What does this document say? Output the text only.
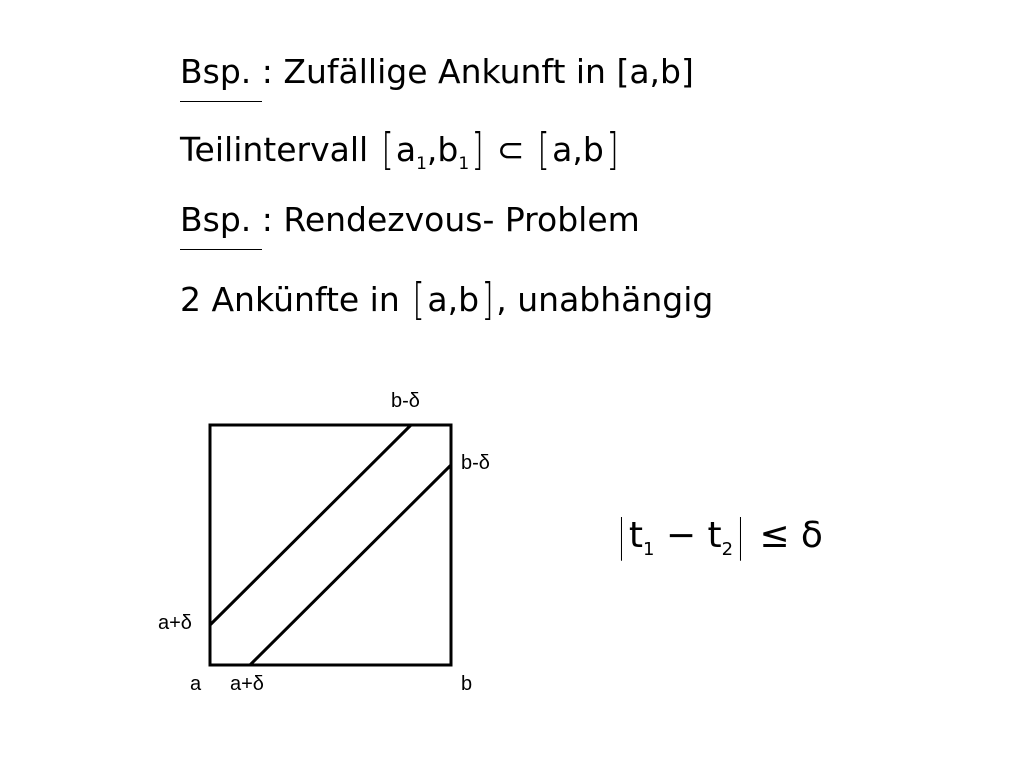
Bsp. : Zufällige Ankunft in [a,b]
Teilintervall $[a_1,b_1]$ ⊂ [a,b]
Bsp. : Rendezvous- Problem
2 Ankünfte in [a,b], unabhängig
b-δ
b-δ
a+δ
a a+δ	b
| $t_1 - t_2| \le \delta$
